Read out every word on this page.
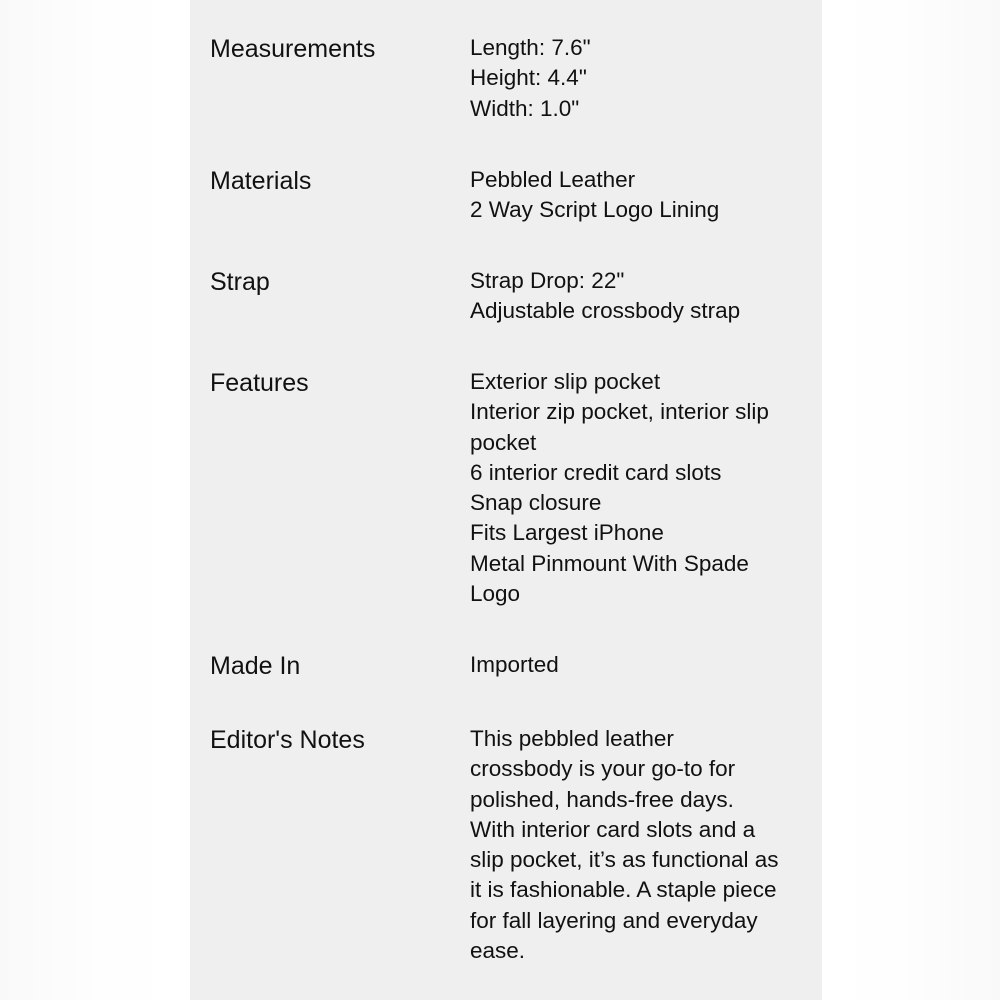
Measurements	Length: 7.6"
Height: 4.4"
Width: 1.0"
Materials	Pebbled Leather
2 Way Script Logo Lining
Strap	Strap Drop: 22"
Adjustable crossbody strap
Features	Exterior slip pocket
Interior zip pocket, interior slip
pocket
6 interior credit card slots
Snap closure
Fits Largest iPhone
Metal Pinmount With Spade
Logo
Made In	Imported
Editor's Notes	This pebbled leather
crossbody is your go-to for
polished, hands-free days.
With interior card slots and a
slip pocket, it’s as functional as
it is fashionable. A staple piece
for fall layering and everyday
ease.
